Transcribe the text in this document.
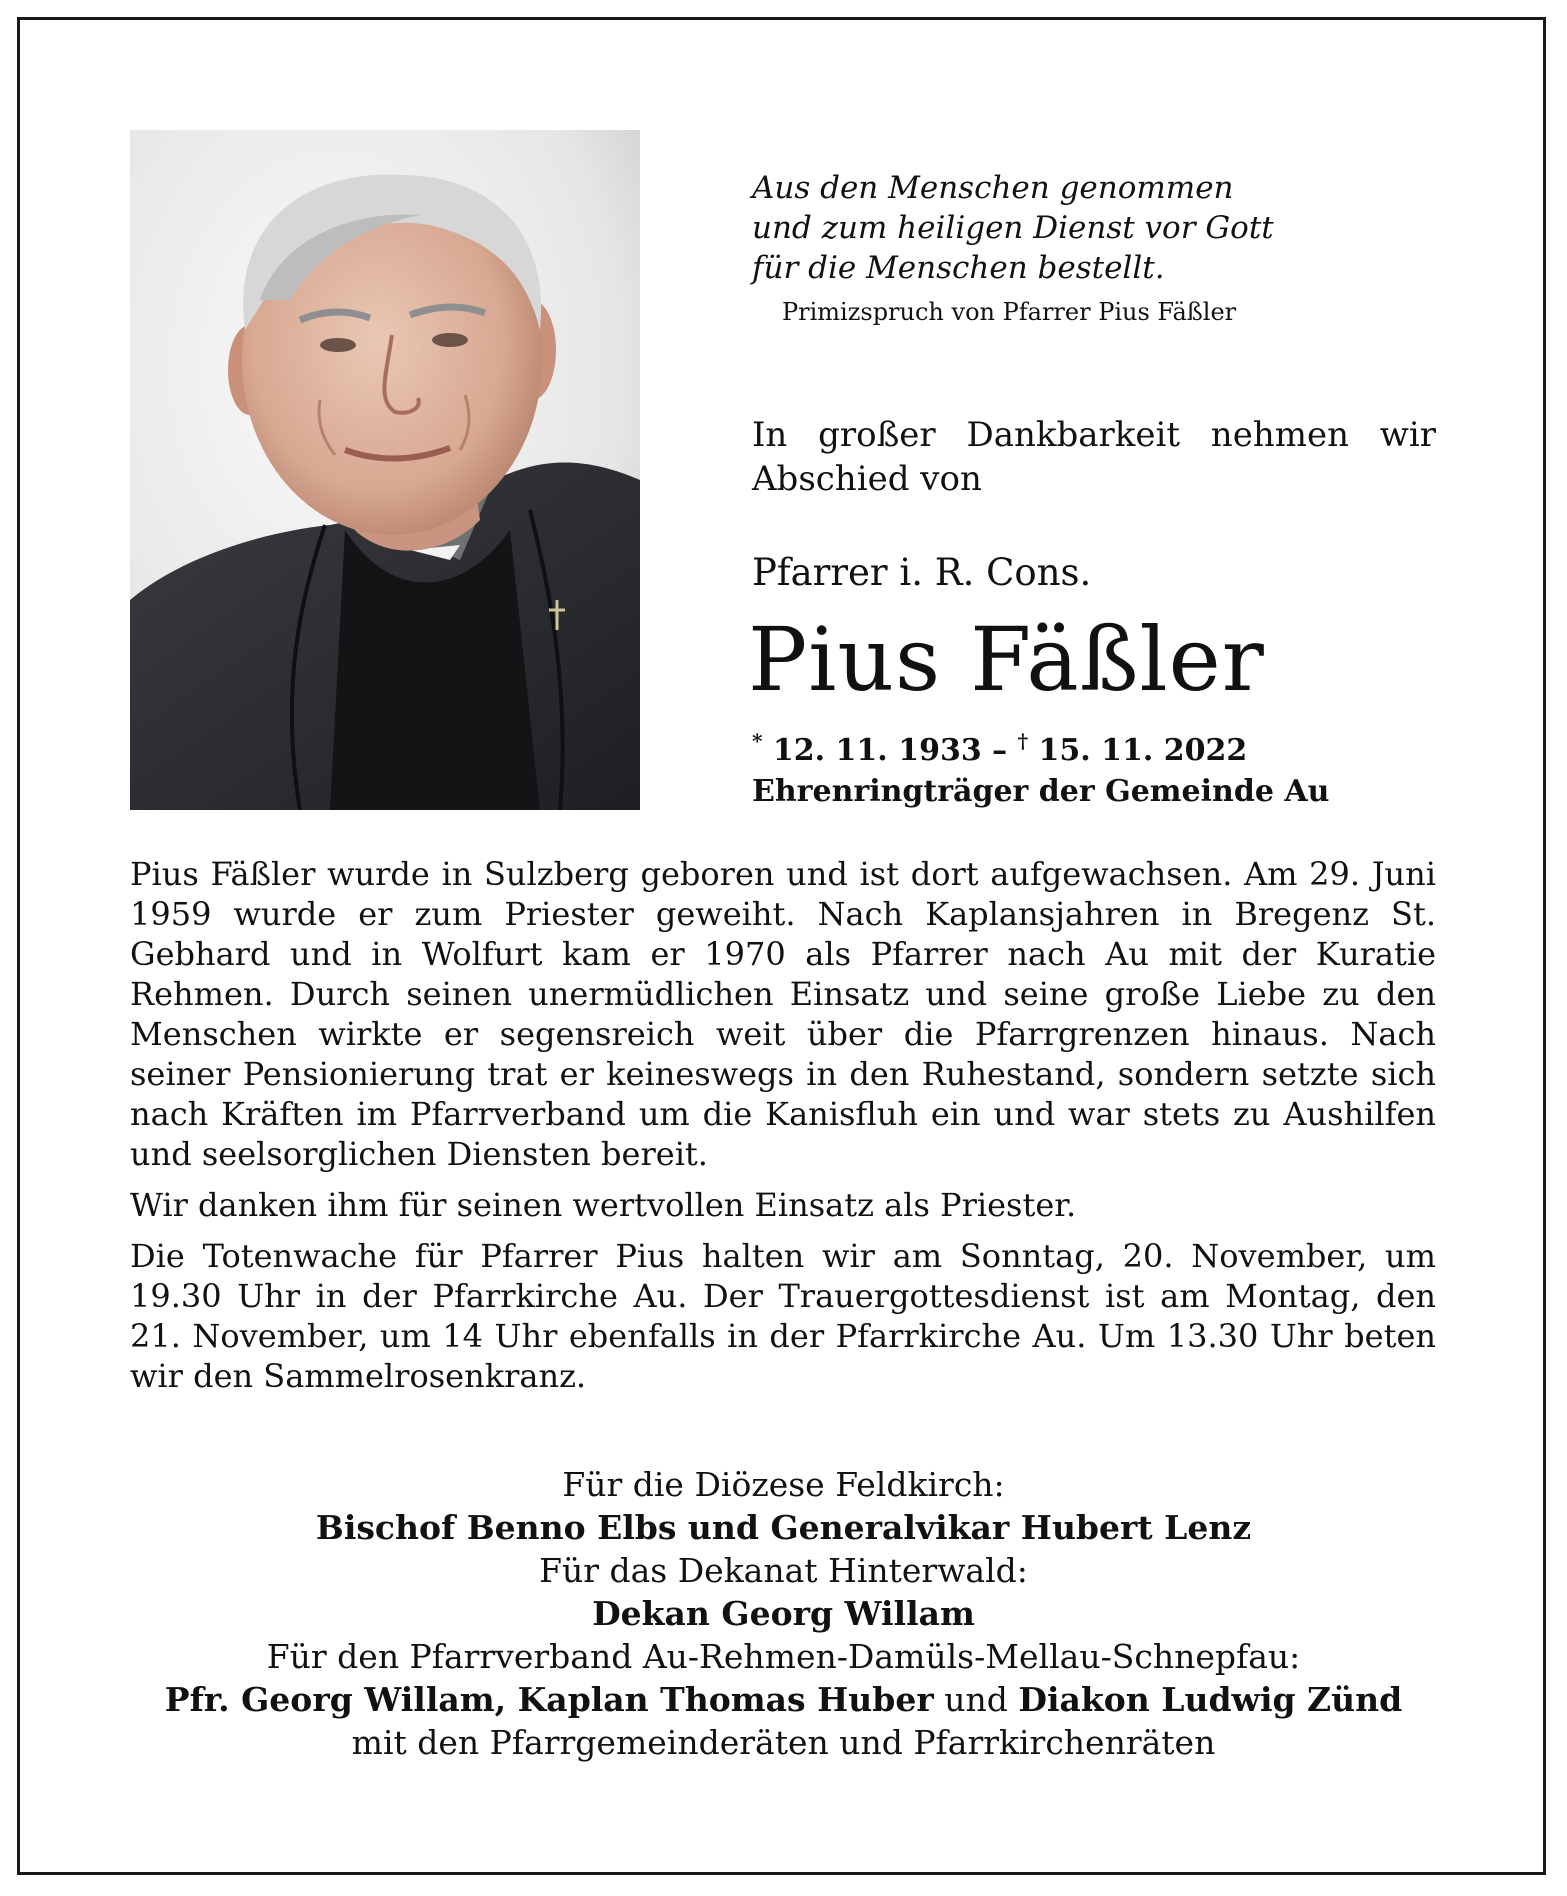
Aus den Menschen genommen
und zum heiligen Dienst vor Gott
für die Menschen bestellt.
Primizspruch von Pfarrer Pius Fäßler
In großer Dankbarkeit nehmen wir
Abschied von
Pfarrer i. R. Cons.
Pius Fäßler
* 12. 11. 1933 – † 15. 11. 2022
Ehrenringträger der Gemeinde Au

Pius Fäßler wurde in Sulzberg geboren und ist dort aufgewachsen. Am 29. Juni 1959 wurde er zum Priester geweiht. Nach Kaplansjahren in Bregenz St. Gebhard und in Wolfurt kam er 1970 als Pfarrer nach Au mit der Kuratie Rehmen. Durch seinen unermüdlichen Einsatz und seine große Liebe zu den Menschen wirkte er segensreich weit über die Pfarrgrenzen hinaus. Nach seiner Pensionierung trat er keineswegs in den Ruhestand, sondern setzte sich nach Kräften im Pfarrverband um die Kanisfluh ein und war stets zu Aushilfen und seelsorglichen Diensten bereit.

Wir danken ihm für seinen wertvollen Einsatz als Priester.

Die Totenwache für Pfarrer Pius halten wir am Sonntag, 20. November, um 19.30 Uhr in der Pfarrkirche Au. Der Trauergottesdienst ist am Montag, den 21. November, um 14 Uhr ebenfalls in der Pfarrkirche Au. Um 13.30 Uhr beten wir den Sammelrosenkranz.

Für die Diözese Feldkirch:
Bischof Benno Elbs und Generalvikar Hubert Lenz
Für das Dekanat Hinterwald:
Dekan Georg Willam
Für den Pfarrverband Au-Rehmen-Damüls-Mellau-Schnepfau:
Pfr. Georg Willam, Kaplan Thomas Huber und Diakon Ludwig Zünd
mit den Pfarrgemeinderäten und Pfarrkirchenräten
